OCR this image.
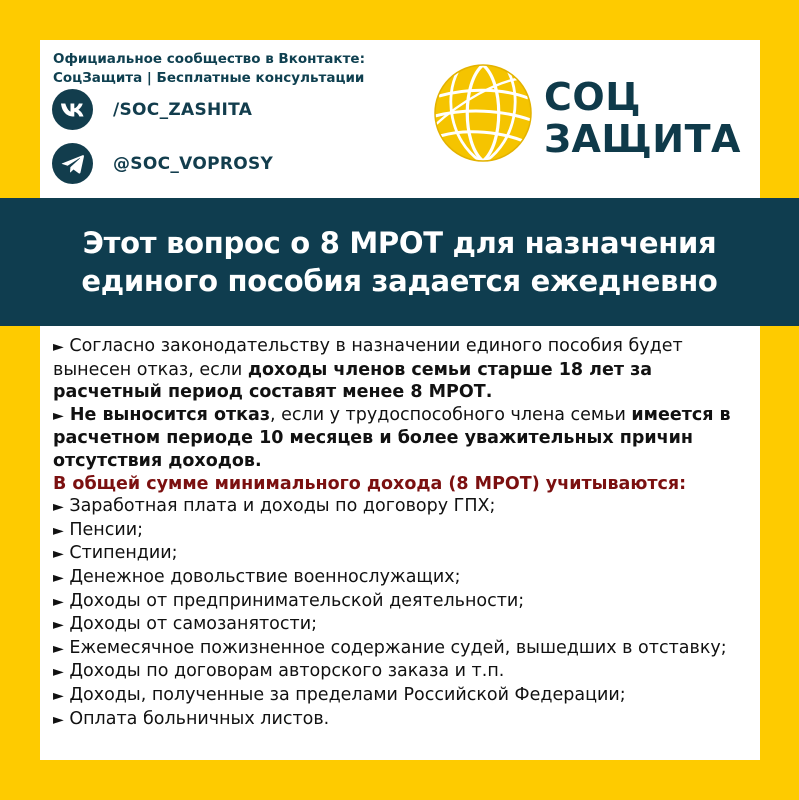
Официальное сообщество в Вконтакте:
СоцЗащита | Бесплатные консультации
/SOC_ZASHITA
@SOC_VOPROSY
СОЦ
ЗАЩИТА
Этот вопрос о 8 МРОТ для назначения
единого пособия задается ежедневно

► Согласно законодательству в назначении единого пособия будет вынесен отказ, если доходы членов семьи старше 18 лет за расчетный период составят менее 8 МРОТ.

► Не выносится отказ, если у трудоспособного члена семьи имеется в расчетном периоде 10 месяцев и более уважительных причин отсутствия доходов.

В общей сумме минимального дохода (8 МРОТ) учитываются:

► Заработная плата и доходы по договору ГПХ;

► Пенсии;

► Стипендии;

► Денежное довольствие военнослужащих;

► Доходы от предпринимательской деятельности;

► Доходы от самозанятости;

► Ежемесячное пожизненное содержание судей, вышедших в отставку;

► Доходы по договорам авторского заказа и т.п.

► Доходы, полученные за пределами Российской Федерации;

► Оплата больничных листов.
